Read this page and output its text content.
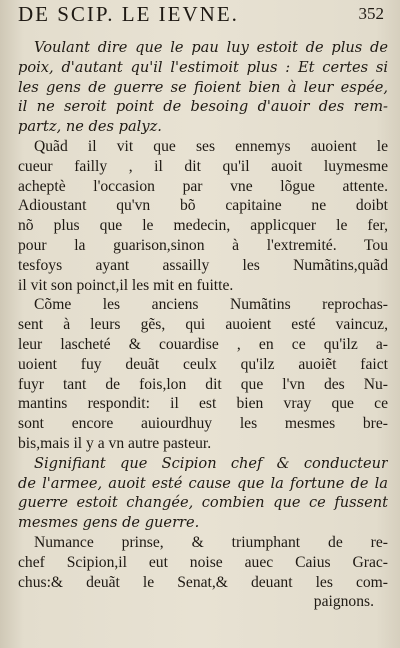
DE SCIP. LE IEVNE.	352
Voulant dire que le pau luy estoit de plus de
poix, d'autant qu'il l'estimoit plus : Et certes si
les gens de guerre se fioient bien à leur espée,
il ne seroit point de besoing d'auoir des rem-
partz, ne des palyz.
Quãd il vit que ses ennemys auoient le
cueur failly , il dit qu'il auoit luymesme
acheptè l'occasion par vne lõgue attente.
Adioustant qu'vn bõ capitaine ne doibt
nõ plus que le medecin, applicquer le fer,
pour la guarison,sinon à l'extremité. Tou
tesfoys ayant assailly les Numãtins,quãd
il vit son poinct,il les mit en fuitte.
Cõme les anciens Numãtins reprochas-
sent à leurs gẽs, qui auoient esté vaincuz,
leur lascheté & couardise , en ce qu'ilz a-
uoient fuy deuãt ceulx qu'ilz auoiẽt faict
fuyr tant de fois,lon dit que l'vn des Nu-
mantins respondit: il est bien vray que ce
sont encore auiourdhuy les mesmes bre-
bis,mais il y a vn autre pasteur.
Signifiant que Scipion chef & conducteur
de l'armee, auoit esté cause que la fortune de la
guerre estoit changée, combien que ce fussent
mesmes gens de guerre.
Numance prinse, & triumphant de re-
chef Scipion,il eut noise auec Caius Grac-
chus:& deuãt le Senat,& deuant les com-
paignons.
